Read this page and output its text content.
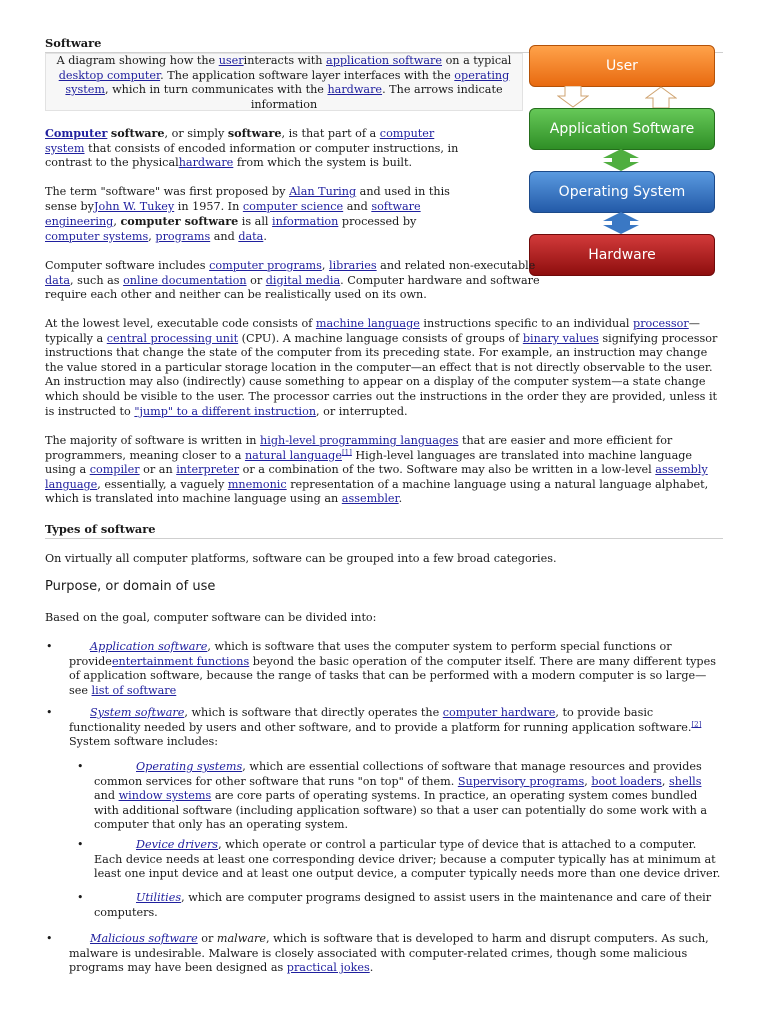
Software
A diagram showing how the userinteracts with application software on a typical desktop computer. The application software layer interfaces with the operating system, which in turn communicates with the hardware. The arrows indicate information
User
Application Software
Operating System
Hardware

Computer software, or simply software, is that part of a computer system that consists of encoded information or computer instructions, in contrast to the physicalhardware from which the system is built.

The term "software" was first proposed by Alan Turing and used in this sense byJohn W. Tukey in 1957. In computer science and software engineering, computer software is all information processed by computer systems, programs and data.

Computer software includes computer programs, libraries and related non-executable data, such as online documentation or digital media. Computer hardware and software require each other and neither can be realistically used on its own.

At the lowest level, executable code consists of machine language instructions specific to an individual processor—typically a central processing unit (CPU). A machine language consists of groups of binary values signifying processor instructions that change the state of the computer from its preceding state. For example, an instruction may change the value stored in a particular storage location in the computer—an effect that is not directly observable to the user. An instruction may also (indirectly) cause something to appear on a display of the computer system—a state change which should be visible to the user. The processor carries out the instructions in the order they are provided, unless it is instructed to "jump" to a different instruction, or interrupted.

The majority of software is written in high-level programming languages that are easier and more efficient for programmers, meaning closer to a natural language[1] High-level languages are translated into machine language using a compiler or an interpreter or a combination of the two. Software may also be written in a low-level assembly language, essentially, a vaguely mnemonic representation of a machine language using a natural language alphabet, which is translated into machine language using an assembler.

Types of software

On virtually all computer platforms, software can be grouped into a few broad categories.

Purpose, or domain of use

Based on the goal, computer software can be divided into:

•	Application software, which is software that uses the computer system to perform special functions or provideentertainment functions beyond the basic operation of the computer itself. There are many different types of application software, because the range of tasks that can be performed with a modern computer is so large—see list of software

•	System software, which is software that directly operates the computer hardware, to provide basic functionality needed by users and other software, and to provide a platform for running application software.[2] System software includes:

•	Operating systems, which are essential collections of software that manage resources and provides common services for other software that runs "on top" of them. Supervisory programs, boot loaders, shells and window systems are core parts of operating systems. In practice, an operating system comes bundled with additional software (including application software) so that a user can potentially do some work with a computer that only has an operating system.

•	Device drivers, which operate or control a particular type of device that is attached to a computer. Each device needs at least one corresponding device driver; because a computer typically has at minimum at least one input device and at least one output device, a computer typically needs more than one device driver.

•	Utilities, which are computer programs designed to assist users in the maintenance and care of their computers.

•	Malicious software or malware, which is software that is developed to harm and disrupt computers. As such, malware is undesirable. Malware is closely associated with computer-related crimes, though some malicious programs may have been designed as practical jokes.
